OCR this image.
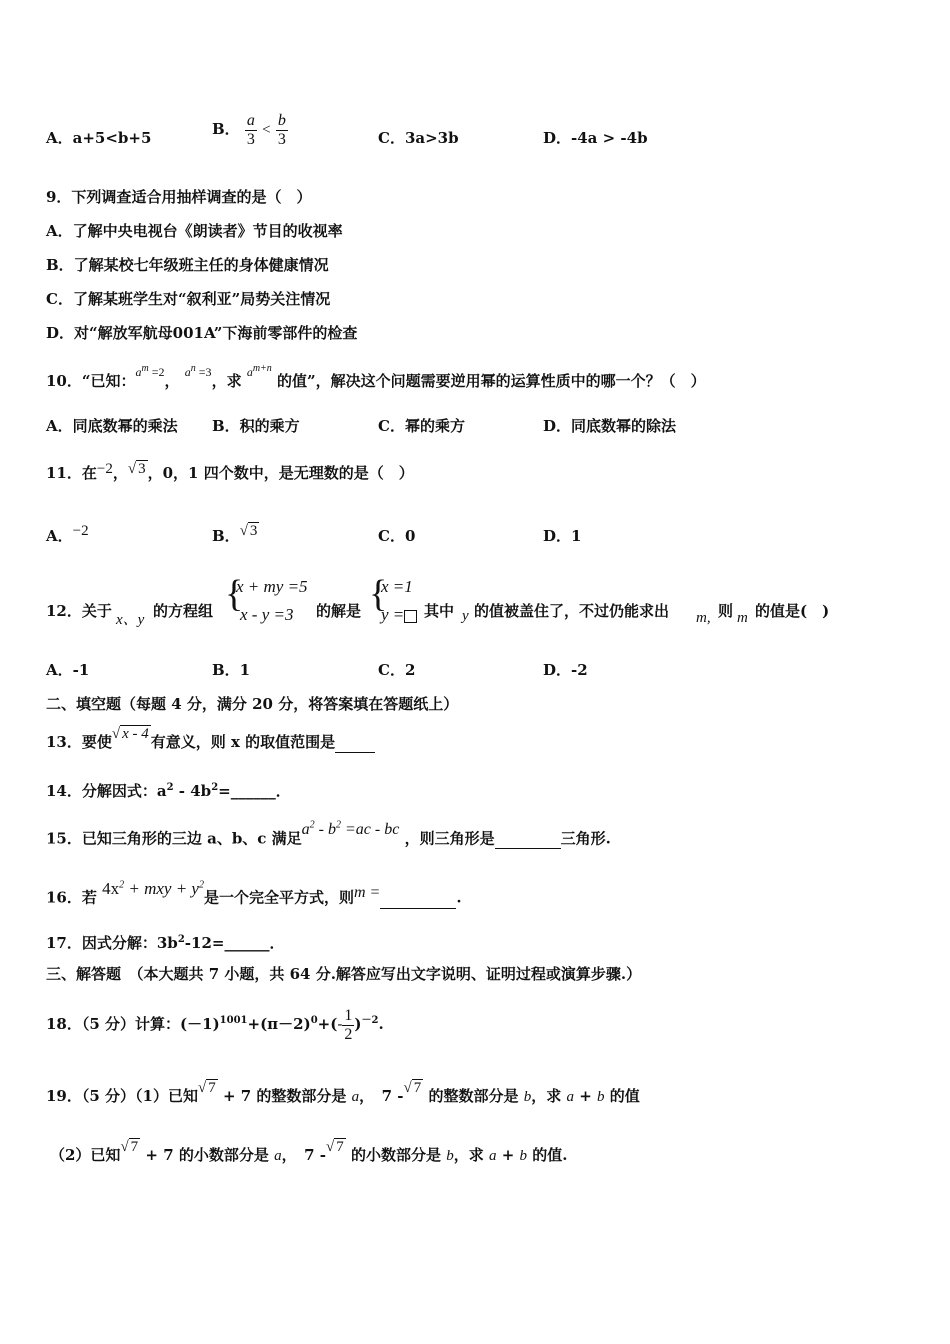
A．a+5<b+5	B． $\frac{a}{3} < \frac{b}{3}$	C．3a>3b	D．-4a > -4b
9．下列调查适合用抽样调查的是（　）
A．了解中央电视台《朗读者》节目的收视率
B．了解某校七年级班主任的身体健康情况
C．了解某班学生对“叙利亚”局势关注情况
D．对“解放军航母001A”下海前零部件的检查
10．“已知：$^{a^m =2}$， $^{a^n =3}$，求 $^{a^{m+n}}$ 的值”，解决这个问题需要逆用幂的运算性质中的哪一个？（　）
A．同底数幂的乘法 B．积的乘方	C．幂的乘方	D．同底数幂的除法
11．在−2，√ 3 ，0，1 四个数中，是无理数的是（　）
A．−2	B．√ 3	C．0	D．1
12．关于 x、y 的方程组 {
x + my =5
x - y =3 的解是 {
x =1
y =	其中 y 的值被盖住了，不过仍能求出 m, 则 m 的值是(　)
A．-1	B．1	C．2	D．-2
二、填空题（每题 4 分，满分 20 分，将答案填在答题纸上）
13．要使√ x - 4 有意义，则 x 的取值范围是
14．分解因式：$a^2$ - $4b^2=\_\_\_\_\_\_$．
15．已知三角形的三边 a、b、c 满足$a^2 - b^2 =ac$ - bc ，则三角形是	三角形.
16．若 $4x^2$ + mxy + $y^2$是一个完全平方式，则m =	.
17．因式分解：$3b^2-12=\_\_\_\_\_\_$．
三、解答题　（本大题共 7 小题，共 64 分.解答应写出文字说明、证明过程或演算步骤.）
18．（5 分）计算：$(-1)^{1001}+(\pi-2)^0+(- \frac{1}{2} )^{-2}$.
19．（5 分）（1）已知√ 7 + 7 的整数部分是 a，　7 -√ 7 的整数部分是 b，求 a + b 的值
（2）已知√ 7 + 7 的小数部分是 a，　7 -√ 7 的小数部分是 b，求 a + b 的值.
